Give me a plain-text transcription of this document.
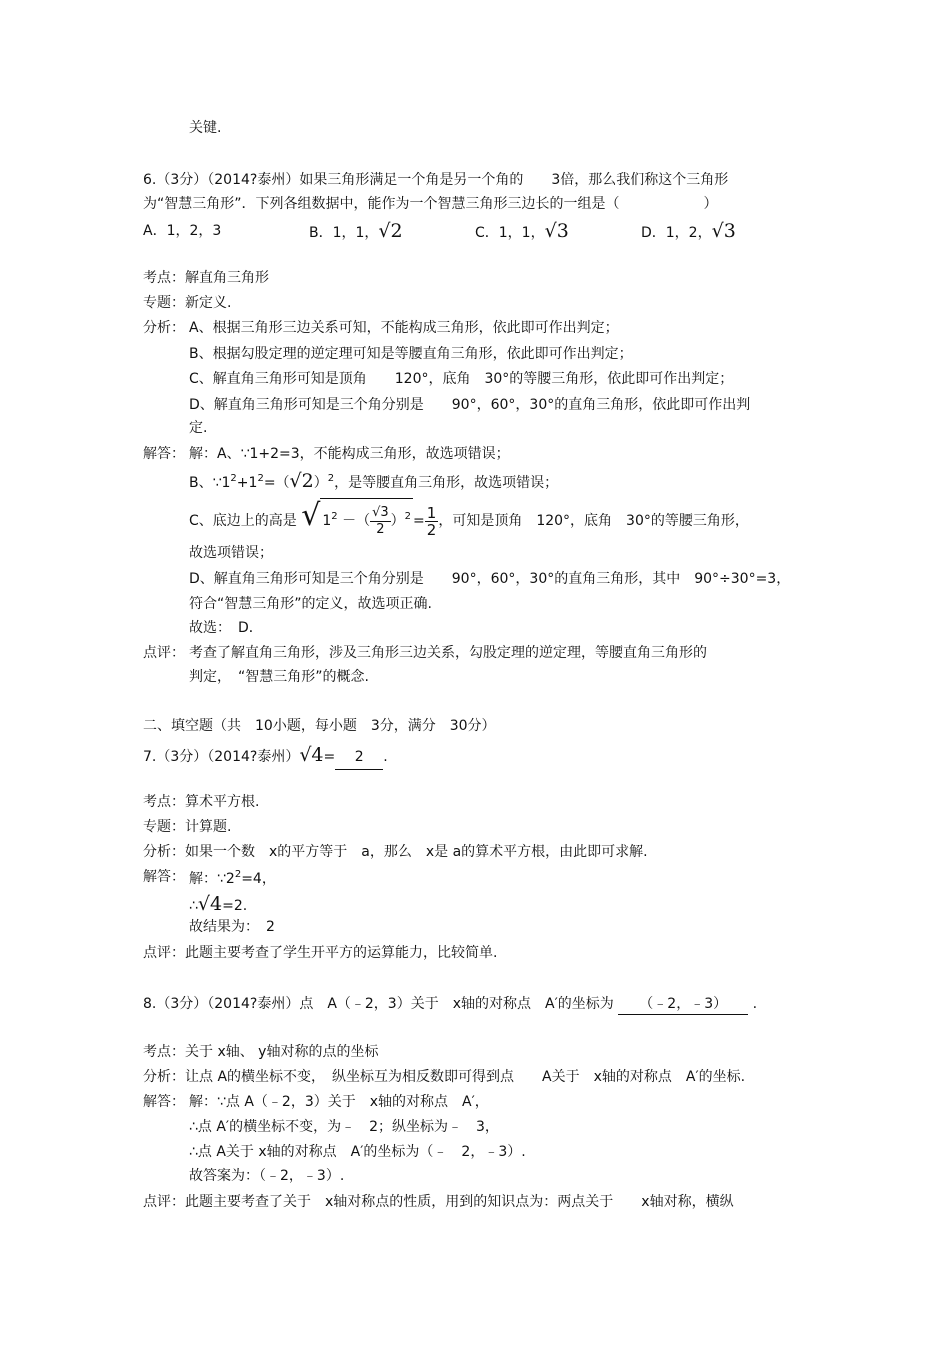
关键.
6.（3分）（2014?泰州）如果三角形满足一个角是另一个角的　　3倍，那么我们称这个三角形
为“智慧三角形”．下列各组数据中，能作为一个智慧三角形三边长的一组是（　　　　　　）
A．1，2，3	B．1，1，√2	C．1，1，√3	D．1，2，√3
考点：解直角三角形
专题：新定义.
分析： A、根据三角形三边关系可知，不能构成三角形，依此即可作出判定；
B、根据勾股定理的逆定理可知是等腰直角三角形，依此即可作出判定；
C、解直角三角形可知是顶角　　120°，底角　30°的等腰三角形，依此即可作出判定；
D、解直角三角形可知是三个角分别是　　90°，60°，30°的直角三角形，依此即可作出判
定.
解答： 解：A、∵1+2=3，不能构成三角形，故选项错误；
B、$\because 1^2+1^2=(√2)^2$，是等腰直角三角形，故选项错误；
C、底边上的高是 √ $1^2$ －（ $\frac{√3}{2} )^2 = \frac{1}{2}$ ，可知是顶角　120°，底角　30°的等腰三角形，
故选项错误；
D、解直角三角形可知是三个角分别是　　90°，60°，30°的直角三角形，其中　90°÷30°=3，
符合“智慧三角形”的定义，故选项正确.
故选：　D．
点评： 考查了解直角三角形，涉及三角形三边关系，勾股定理的逆定理，等腰直角三角形的
判定，　“智慧三角形”的概念.
二、填空题（共　10小题，每小题　3分，满分　30分）
7.（3分）（2014?泰州）√4= 2 .
考点：算术平方根.
专题：计算题.
分析：如果一个数　x的平方等于　a，那么　x是 a的算术平方根，由此即可求解.
解答： 解：$\because 2^2=4$，
∴√4=2.
故结果为：　2
点评：此题主要考查了学生开平方的运算能力，比较简单.
8.（3分）（2014?泰州）点　A（﹣2，3）关于　x轴的对称点　A′的坐标为 （﹣2，﹣3） .
考点：关于 x轴、 y轴对称的点的坐标
分析：让点 A的横坐标不变，　纵坐标互为相反数即可得到点　　A关于　x轴的对称点　A′的坐标.
解答： 解：∵点 A（﹣2，3）关于　x轴的对称点　A′，
∴点 A′的横坐标不变，为﹣　2；纵坐标为﹣　3，
∴点 A关于 x轴的对称点　A′的坐标为（﹣　2，﹣3）.
故答案为：（﹣2，﹣3）.
点评：此题主要考查了关于　x轴对称点的性质，用到的知识点为：两点关于　　x轴对称，横纵
